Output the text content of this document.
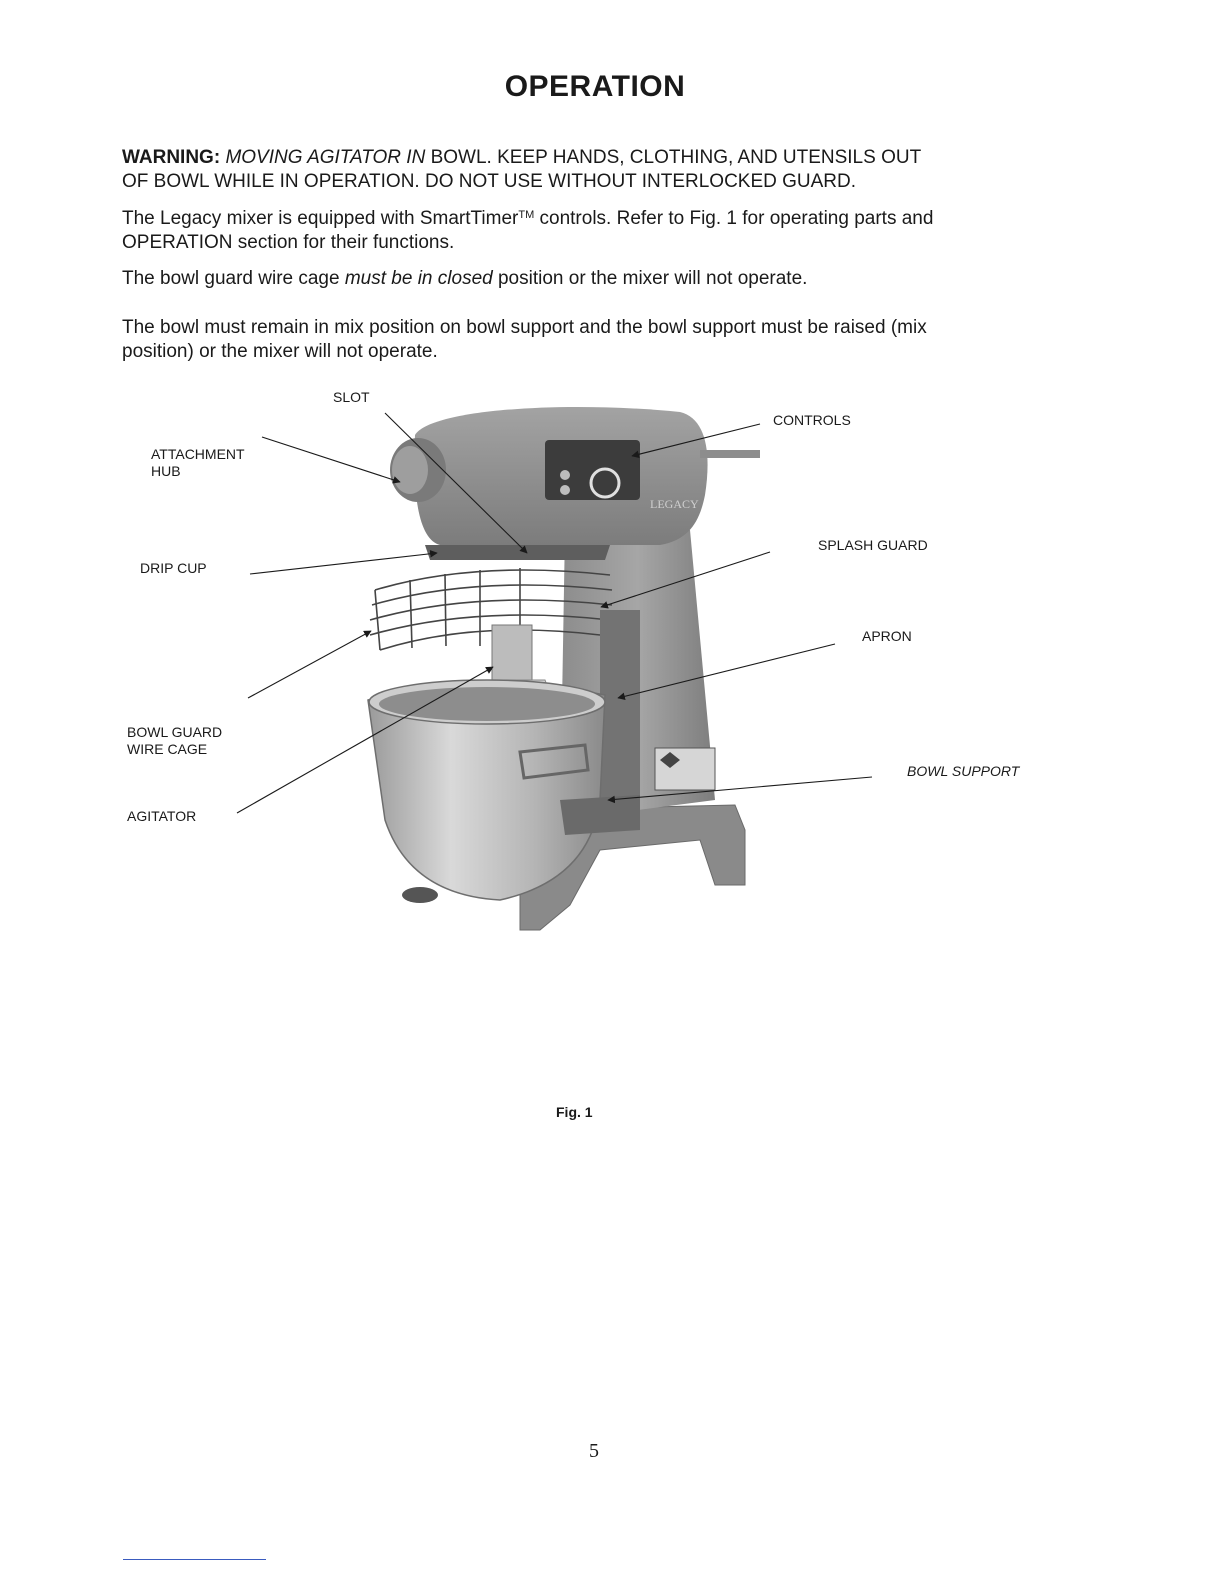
OPERATION
WARNING: MOVING AGITATOR IN BOWL. KEEP HANDS, CLOTHING, AND UTENSILS OUT
OF BOWL WHILE IN OPERATION. DO NOT USE WITHOUT INTERLOCKED GUARD.
The Legacy mixer is equipped with SmartTimer™ controls. Refer to Fig. 1 for operating parts and
OPERATION section for their functions.
The bowl guard wire cage must be in closed position or the mixer will not operate.
The bowl must remain in mix position on bowl support and the bowl support must be raised (mix
position) or the mixer will not operate.
LEGACY
SLOT
CONTROLS
ATTACHMENT
HUB
SPLASH GUARD
DRIP CUP
APRON
BOWL GUARD
WIRE CAGE
BOWL SUPPORT
AGITATOR
Fig. 1
5
